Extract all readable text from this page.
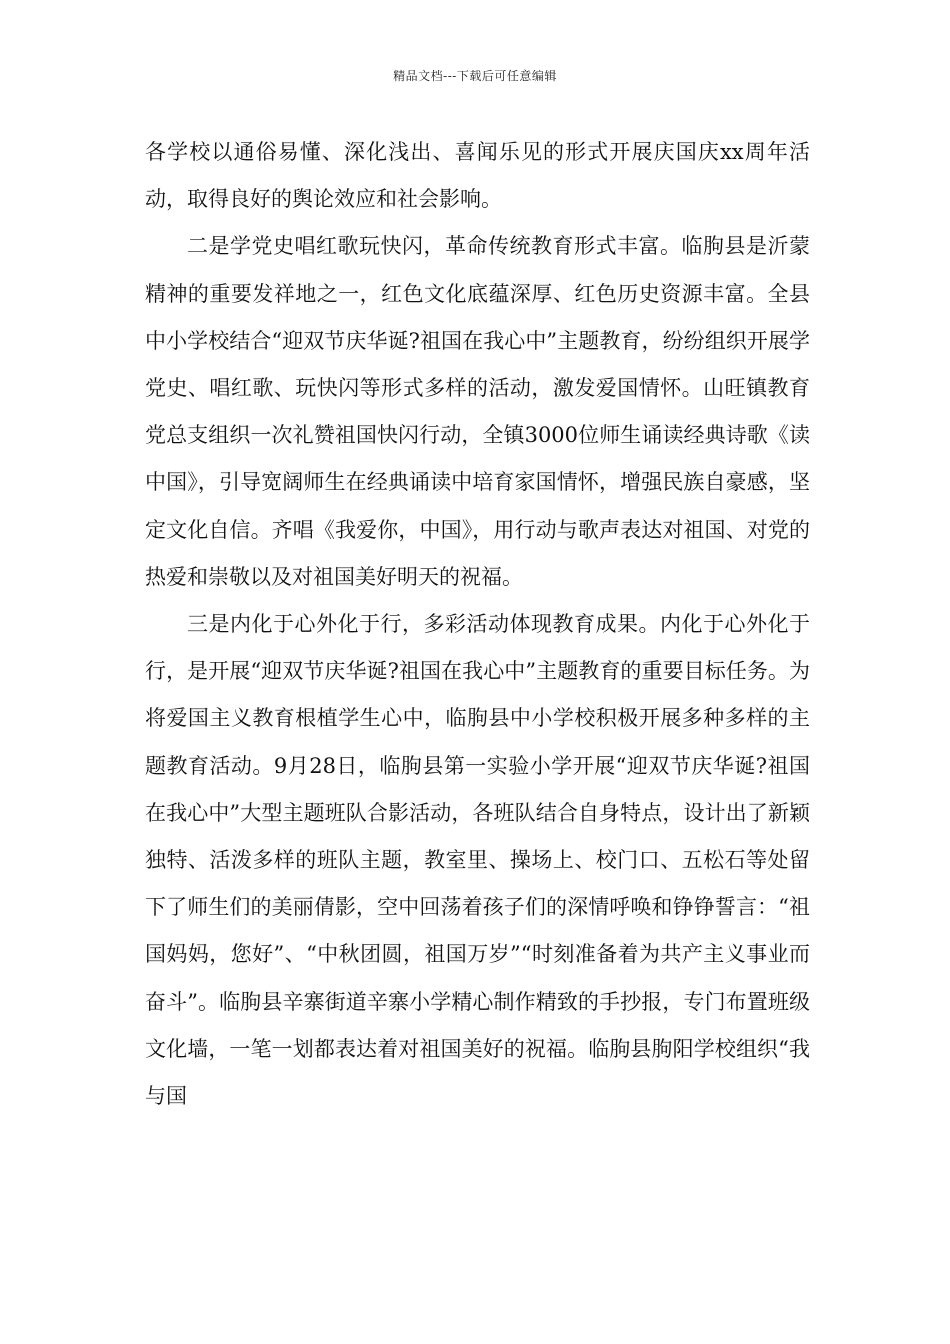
精品文档---下载后可任意编辑

各学校以通俗易懂、深化浅出、喜闻乐见的形式开展庆国庆xx周年活动，取得良好的舆论效应和社会影响。

二是学党史唱红歌玩快闪，革命传统教育形式丰富。临朐县是沂蒙精神的重要发祥地之一，红色文化底蕴深厚、红色历史资源丰富。全县中小学校结合“迎双节庆华诞?祖国在我心中”主题教育，纷纷组织开展学党史、唱红歌、玩快闪等形式多样的活动，激发爱国情怀。山旺镇教育党总支组织一次礼赞祖国快闪行动，全镇3000位师生诵读经典诗歌《读中国》，引导宽阔师生在经典诵读中培育家国情怀，增强民族自豪感，坚定文化自信。齐唱《我爱你，中国》，用行动与歌声表达对祖国、对党的热爱和崇敬以及对祖国美好明天的祝福。

三是内化于心外化于行，多彩活动体现教育成果。内化于心外化于行，是开展“迎双节庆华诞?祖国在我心中”主题教育的重要目标任务。为将爱国主义教育根植学生心中，临朐县中小学校积极开展多种多样的主题教育活动。9月28日，临朐县第一实验小学开展“迎双节庆华诞?祖国在我心中”大型主题班队合影活动，各班队结合自身特点，设计出了新颖独特、活泼多样的班队主题，教室里、操场上、校门口、五松石等处留下了师生们的美丽倩影，空中回荡着孩子们的深情呼唤和铮铮誓言：“祖国妈妈，您好”、“中秋团圆，祖国万岁”“时刻准备着为共产主义事业而奋斗”。临朐县辛寨街道辛寨小学精心制作精致的手抄报，专门布置班级文化墙，一笔一划都表达着对祖国美好的祝福。临朐县朐阳学校组织“我与国
